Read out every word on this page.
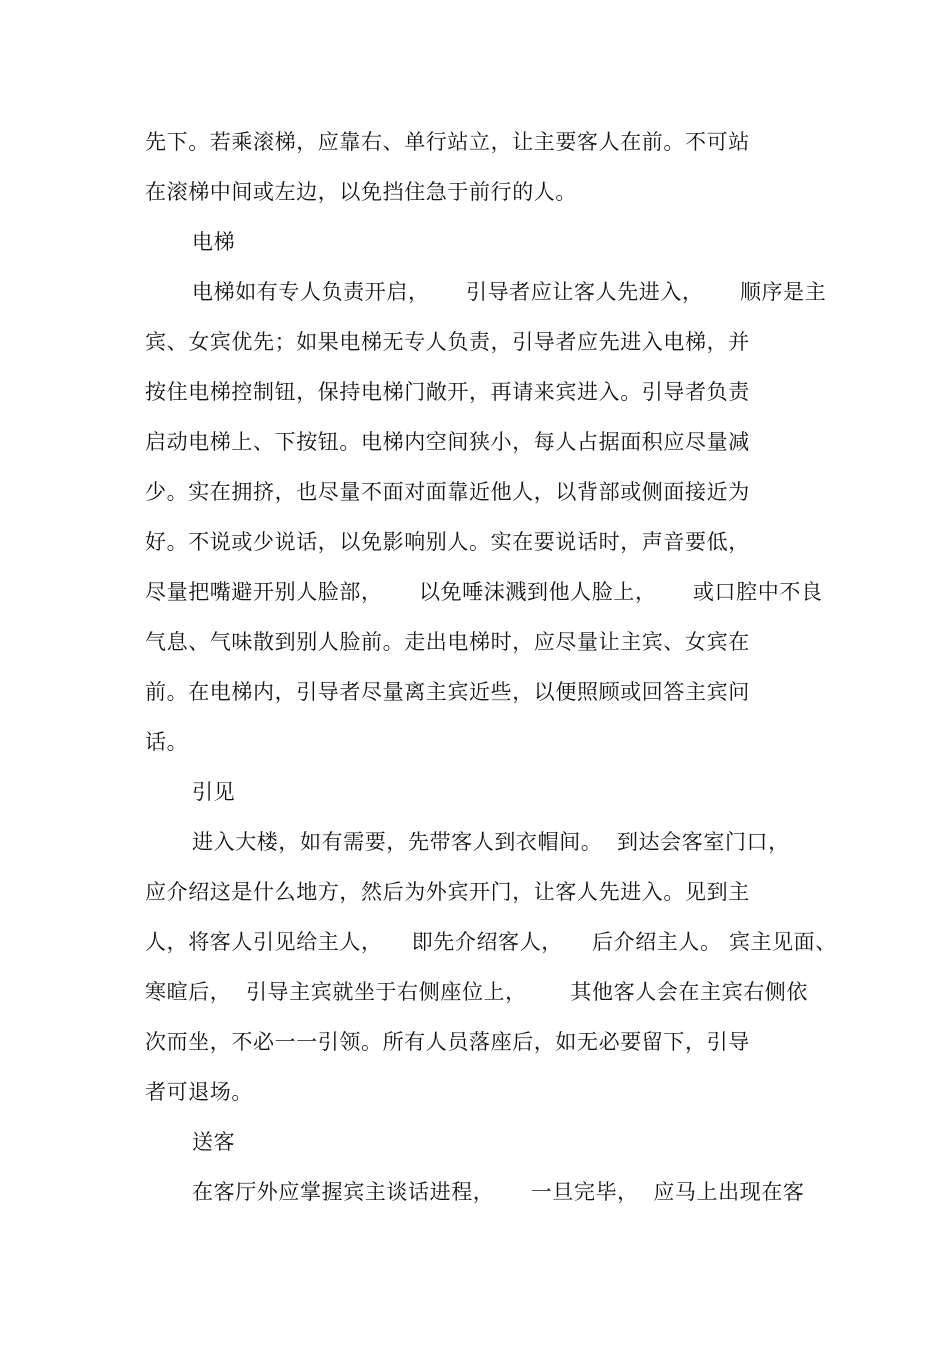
先下。若乘滚梯，应靠右、单行站立，让主要客人在前。不可站
在滚梯中间或左边，以免挡住急于前行的人。
电梯
电梯如有专人负责开启，     引导者应让客人先进入，     顺序是主
宾、女宾优先；如果电梯无专人负责，引导者应先进入电梯，并
按住电梯控制钮，保持电梯门敞开，再请来宾进入。引导者负责
启动电梯上、下按钮。电梯内空间狭小，每人占据面积应尽量减
少。实在拥挤，也尽量不面对面靠近他人，以背部或侧面接近为
好。不说或少说话，以免影响别人。实在要说话时，声音要低，
尽量把嘴避开别人脸部，     以免唾沫溅到他人脸上，     或口腔中不良
气息、气味散到别人脸前。走出电梯时，应尽量让主宾、女宾在
前。在电梯内，引导者尽量离主宾近些，以便照顾或回答主宾问
话。
引见
进入大楼，如有需要，先带客人到衣帽间。  到达会客室门口，
应介绍这是什么地方，然后为外宾开门，让客人先进入。见到主
人，将客人引见给主人，    即先介绍客人，    后介绍主人。 宾主见面、
寒暄后，  引导主宾就坐于右侧座位上，      其他客人会在主宾右侧依
次而坐，不必一一引领。所有人员落座后，如无必要留下，引导
者可退场。
送客
在客厅外应掌握宾主谈话进程，     一旦完毕，  应马上出现在客
